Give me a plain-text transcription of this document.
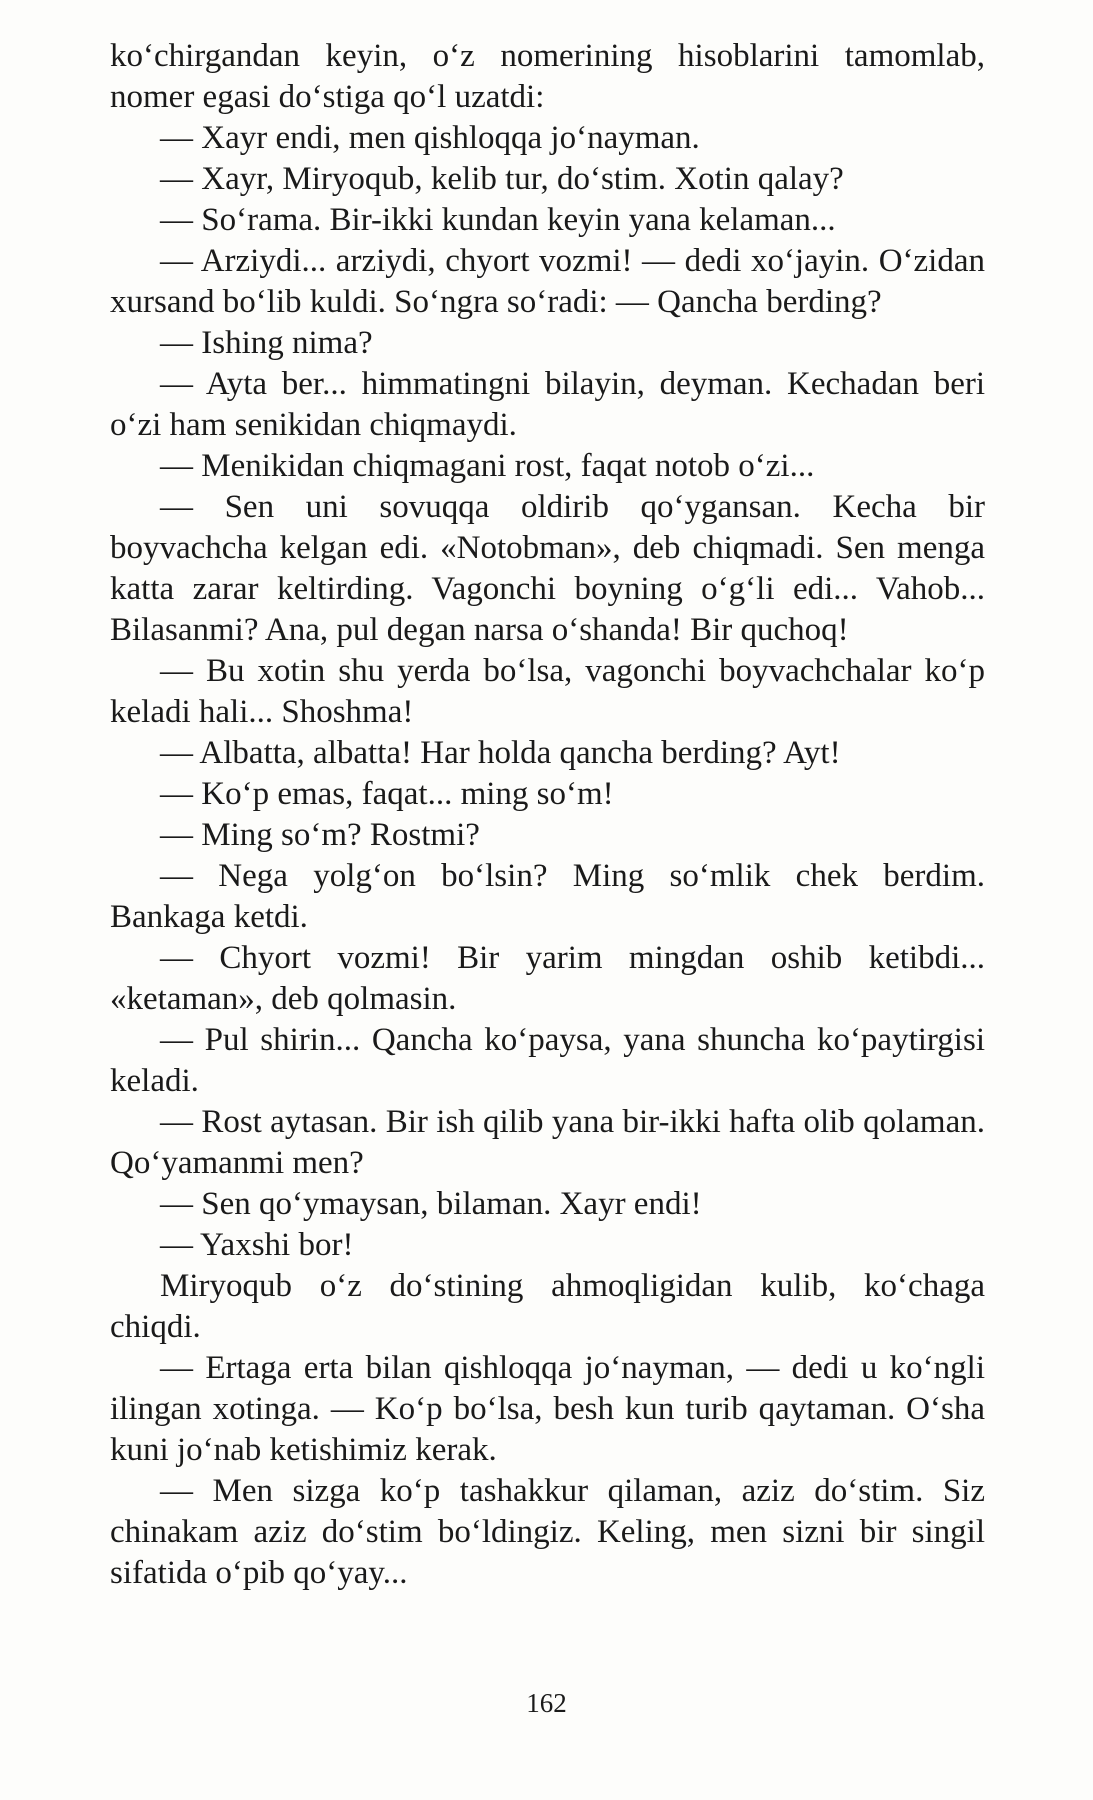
ko‘chirgandan keyin, o‘z nomerining hisoblarini tamomlab, nomer egasi do‘stiga qo‘l uzatdi:

— Xayr endi, men qishloqqa jo‘nayman.

— Xayr, Miryoqub, kelib tur, do‘stim. Xotin qalay?

— So‘rama. Bir-ikki kundan keyin yana kelaman...

— Arziydi... arziydi, chyort vozmi! — dedi xo‘jayin. O‘zidan xursand bo‘lib kuldi. So‘ngra so‘radi: — Qancha berding?

— Ishing nima?

— Ayta ber... himmatingni bilayin, deyman. Kechadan beri o‘zi ham senikidan chiqmaydi.

— Menikidan chiqmagani rost, faqat notob o‘zi...

— Sen uni sovuqqa oldirib qo‘ygansan. Kecha bir boyvachcha kelgan edi. «Notobman», deb chiqmadi. Sen menga katta zarar keltirding. Vagonchi boyning o‘g‘li edi... Vahob... Bilasanmi? Ana, pul degan narsa o‘shanda! Bir quchoq!

— Bu xotin shu yerda bo‘lsa, vagonchi boyvachchalar ko‘p keladi hali... Shoshma!

— Albatta, albatta! Har holda qancha berding? Ayt!

— Ko‘p emas, faqat... ming so‘m!

— Ming so‘m? Rostmi?

— Nega yolg‘on bo‘lsin? Ming so‘mlik chek berdim. Bankaga ketdi.

— Chyort vozmi! Bir yarim mingdan oshib ketibdi... «ketaman», deb qolmasin.

— Pul shirin... Qancha ko‘paysa, yana shuncha ko‘paytirgisi keladi.

— Rost aytasan. Bir ish qilib yana bir-ikki hafta olib qolaman. Qo‘yamanmi men?

— Sen qo‘ymaysan, bilaman. Xayr endi!

— Yaxshi bor!

Miryoqub o‘z do‘stining ahmoqligidan kulib, ko‘chaga chiqdi.

— Ertaga erta bilan qishloqqa jo‘nayman, — dedi u ko‘ngli ilingan xotinga. — Ko‘p bo‘lsa, besh kun turib qaytaman. O‘sha kuni jo‘nab ketishimiz kerak.

— Men sizga ko‘p tashakkur qilaman, aziz do‘stim. Siz chinakam aziz do‘stim bo‘ldingiz. Keling, men sizni bir singil sifatida o‘pib qo‘yay...

162
